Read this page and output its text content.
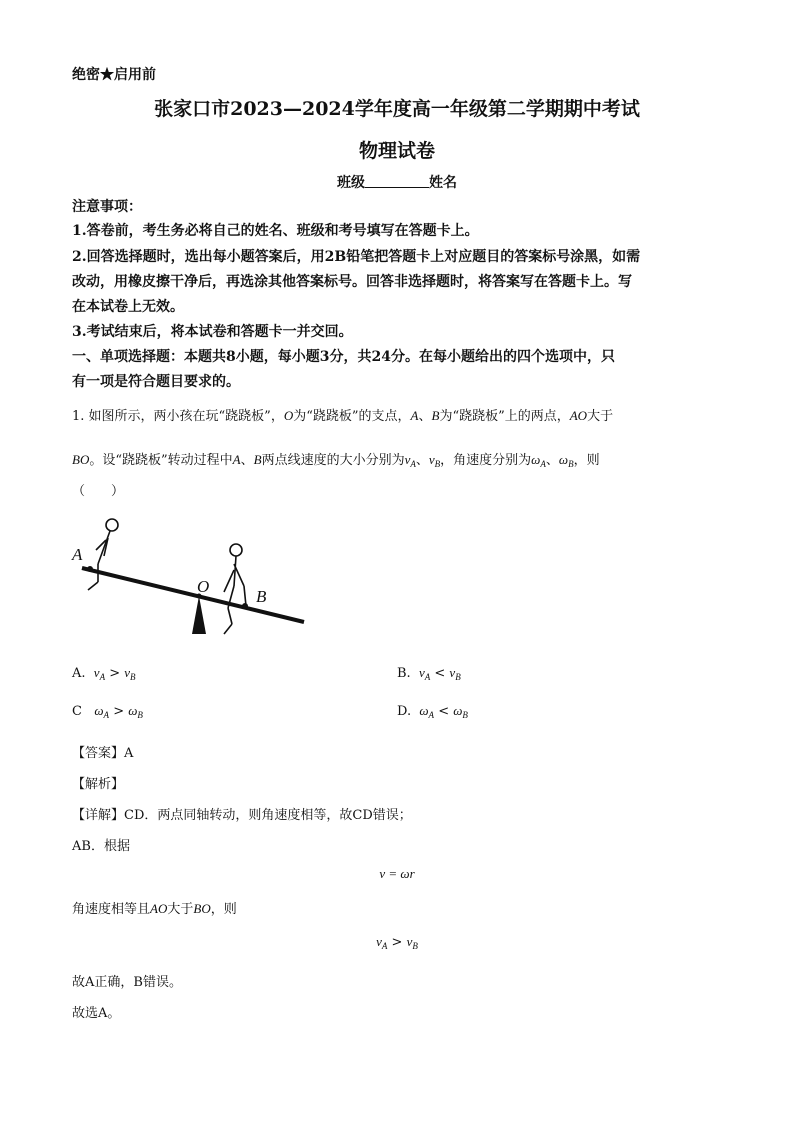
绝密★启用前
张家口市2023—2024学年度高一年级第二学期期中考试
物理试卷
班级	姓名
注意事项：
1.答卷前，考生务必将自己的姓名、班级和考号填写在答题卡上。
2.回答选择题时，选出每小题答案后，用2B铅笔把答题卡上对应题目的答案标号涂黑，如需
改动，用橡皮擦干净后，再选涂其他答案标号。回答非选择题时，将答案写在答题卡上。写
在本试卷上无效。
3.考试结束后，将本试卷和答题卡一并交回。
一、单项选择题：本题共8小题，每小题3分，共24分。在每小题给出的四个选项中，只
有一项是符合题目要求的。
1. 如图所示，两小孩在玩“跷跷板”，O为“跷跷板”的支点，A、B为“跷跷板”上的两点，AO大于
BO。设“跷跷板”转动过程中A、B两点线速度的大小分别为$v_A$、$v_B$，角速度分别为$\omega_A$、$\omega_B$，则
（　　）
A
O
B
A. $v_A > v_B$	B. $v_A < v_B$
C $\omega_A > \omega_B$	D. $\omega_A < \omega_B$
【答案】A
【解析】
【详解】CD．两点同轴转动，则角速度相等，故CD错误；
AB．根据
v = ωr
角速度相等且AO大于BO，则
$v_A > v_B$
故A正确，B错误。
故选A。
